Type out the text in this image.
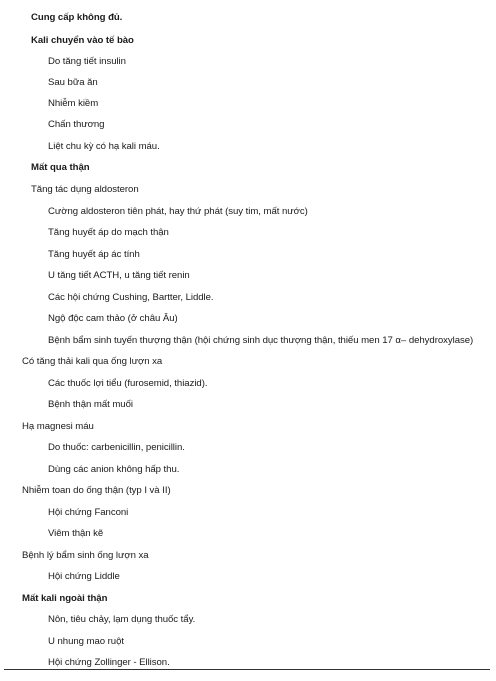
Cung cấp không đủ.
Kali chuyển vào tế bào
Do tăng tiết insulin
Sau bữa ăn
Nhiễm kiềm
Chấn thương
Liệt chu kỳ có hạ kali máu.
Mất qua thận
Tăng tác dụng aldosteron
Cường aldosteron tiên phát, hay thứ phát (suy tim, mất nước)
Tăng huyết áp do mạch thận
Tăng huyết áp ác tính
U tăng tiết ACTH, u tăng tiết renin
Các hội chứng Cushing, Bartter, Liddle.
Ngộ độc cam thảo (ở châu Âu)
Bệnh bẩm sinh tuyến thượng thận (hội chứng sinh dục thượng thận, thiếu men 17 α– dehydroxylase)
Có tăng thải kali qua ống lượn xa
Các thuốc lợi tiểu (furosemid, thiazid).
Bệnh thận mất muối
Hạ magnesi máu
Do thuốc: carbenicillin, penicillin.
Dùng các anion không hấp thu.
Nhiễm toan do ống thận (typ I và II)
Hội chứng Fanconi
Viêm thận kẽ
Bệnh lý bẩm sinh ống lượn xa
Hội chứng Liddle
Mất kali ngoài thận
Nôn, tiêu chảy, lạm dụng thuốc tẩy.
U nhung mao ruột
Hội chứng Zollinger - Ellison.
